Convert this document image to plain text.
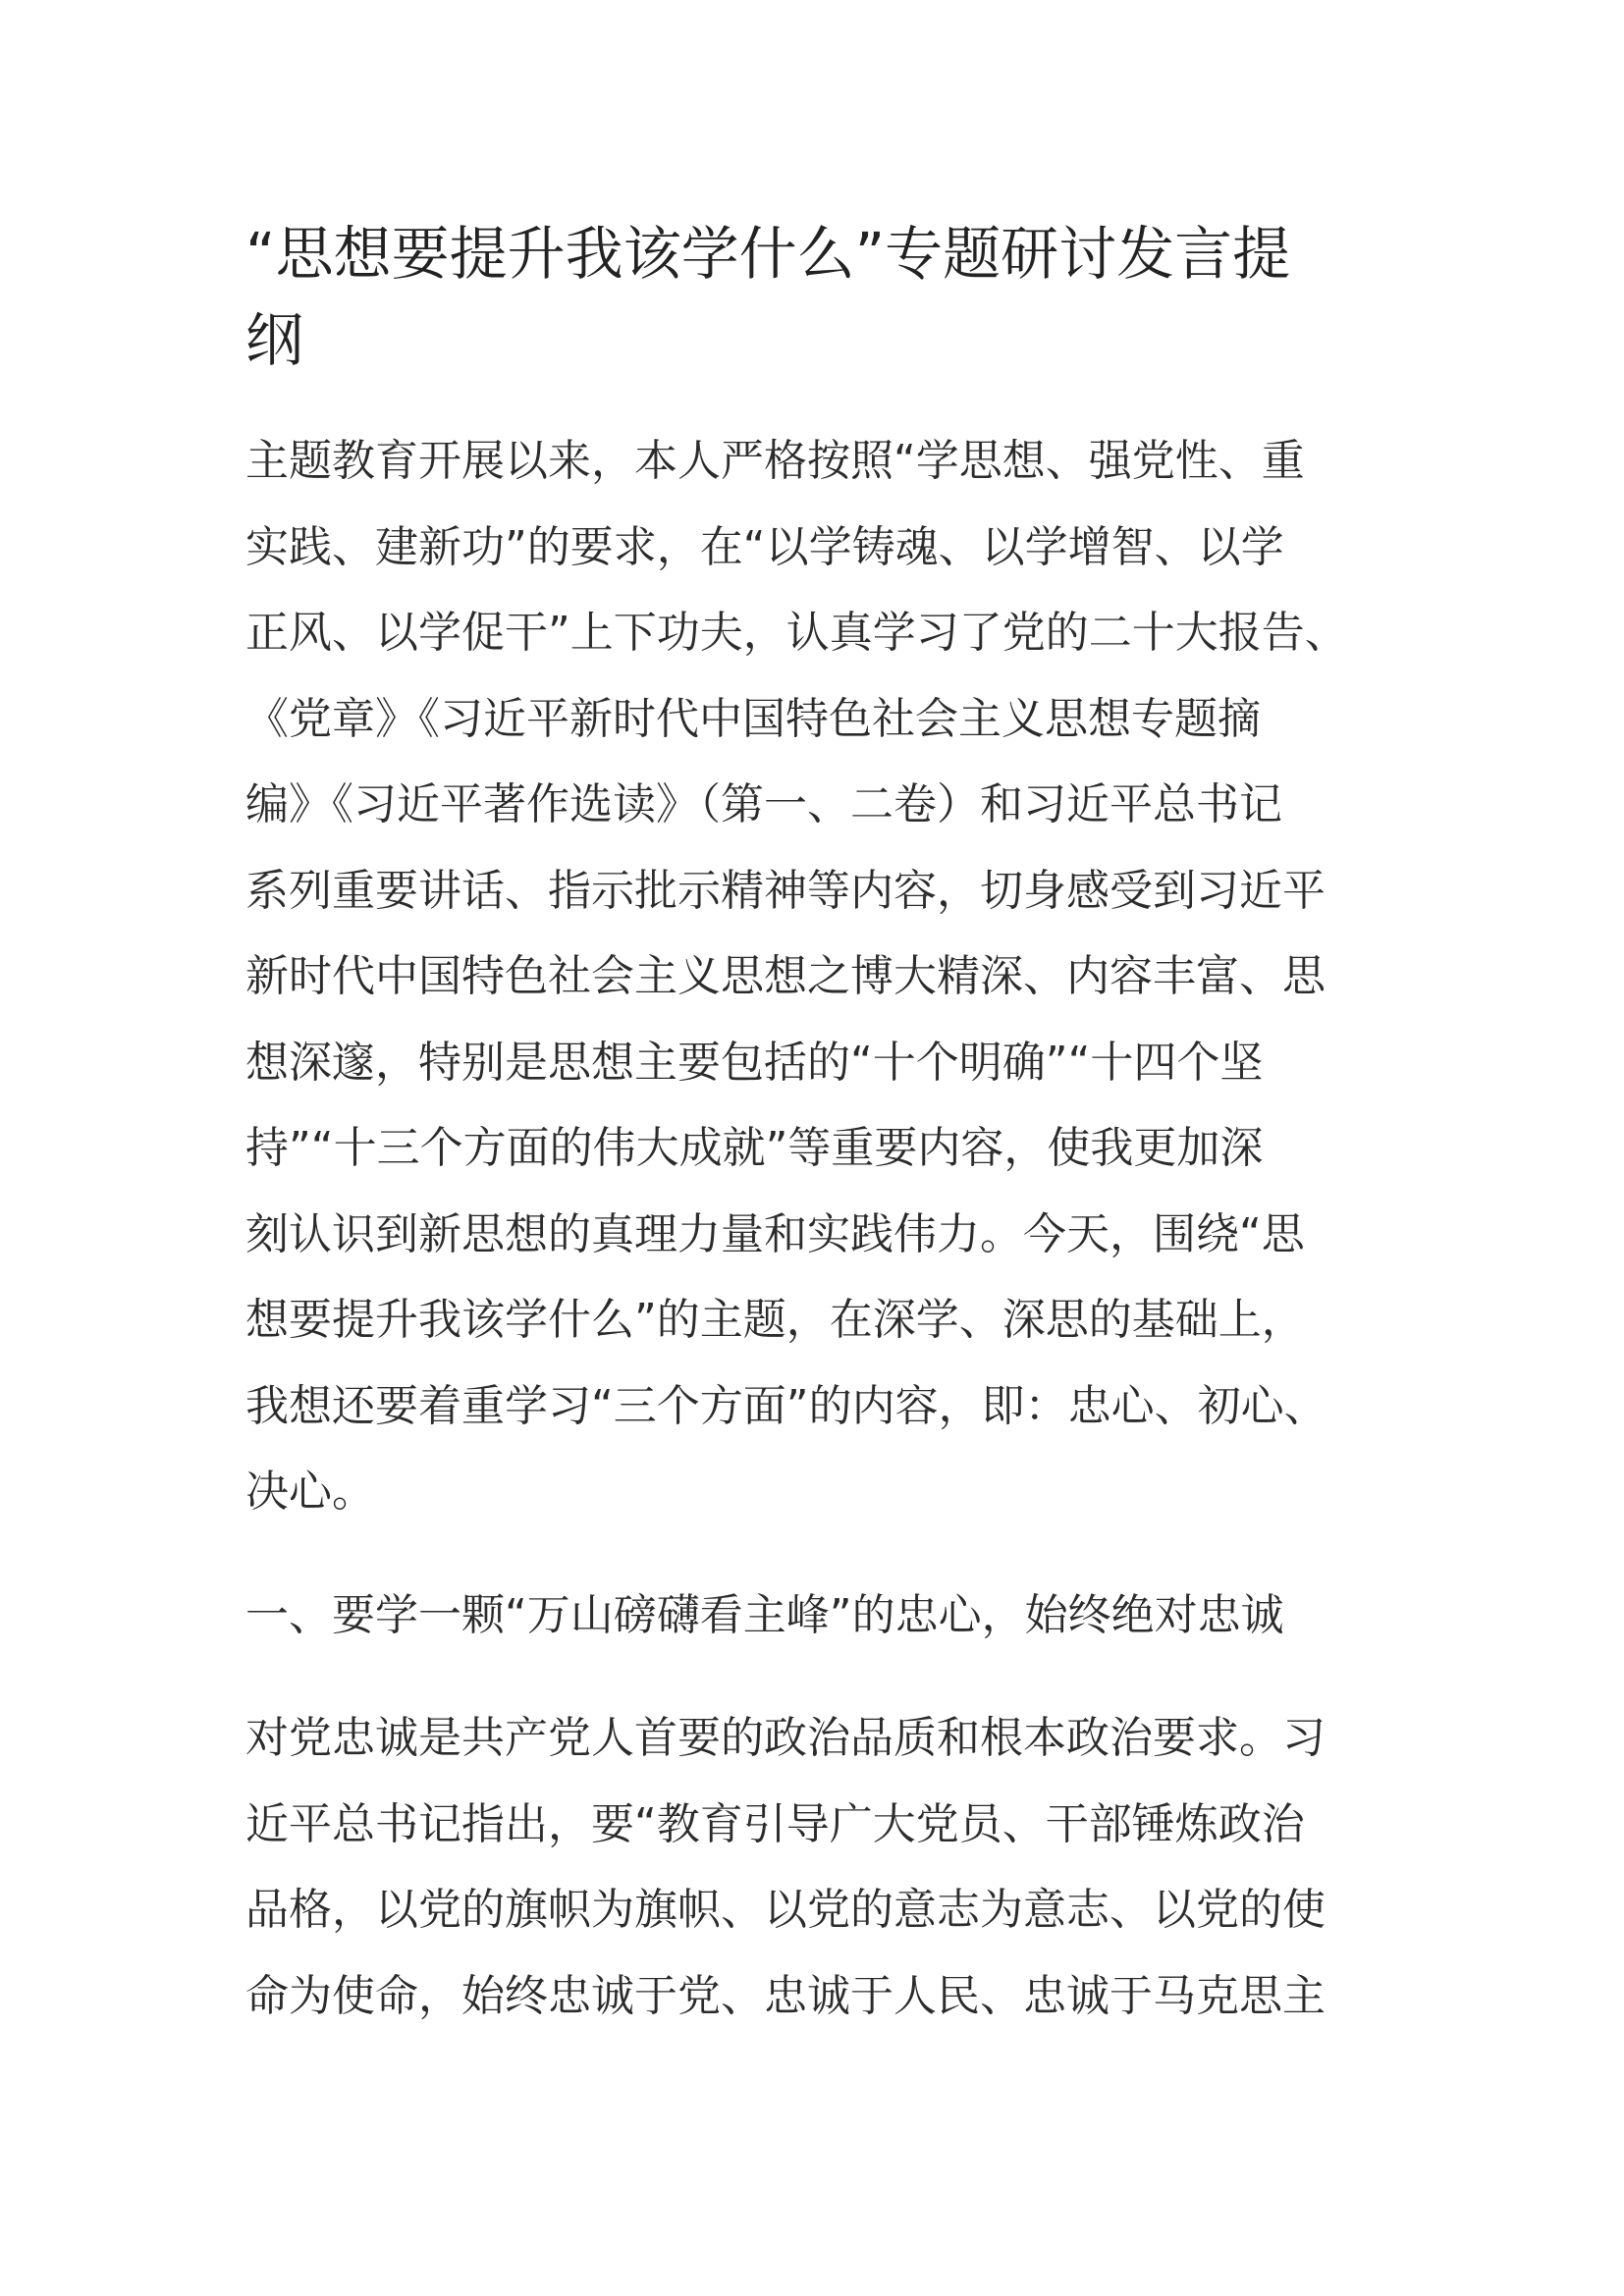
“思想要提升我该学什么”专题研讨发言提
纲

主题教育开展以来，本人严格按照“学思想、强党性、重
实践、建新功”的要求，在“以学铸魂、以学增智、以学
正风、以学促干”上下功夫，认真学习了党的二十大报告、
《党章》《习近平新时代中国特色社会主义思想专题摘
编》《习近平著作选读》（第一、二卷）和习近平总书记
系列重要讲话、指示批示精神等内容，切身感受到习近平
新时代中国特色社会主义思想之博大精深、内容丰富、思
想深邃，特别是思想主要包括的“十个明确”“十四个坚
持”“十三个方面的伟大成就”等重要内容，使我更加深
刻认识到新思想的真理力量和实践伟力。今天，围绕“思
想要提升我该学什么”的主题，在深学、深思的基础上，
我想还要着重学习“三个方面”的内容，即：忠心、初心、
决心。

一、要学一颗“万山磅礴看主峰”的忠心，始终绝对忠诚

对党忠诚是共产党人首要的政治品质和根本政治要求。习
近平总书记指出，要“教育引导广大党员、干部锤炼政治
品格，以党的旗帜为旗帜、以党的意志为意志、以党的使
命为使命，始终忠诚于党、忠诚于人民、忠诚于马克思主
